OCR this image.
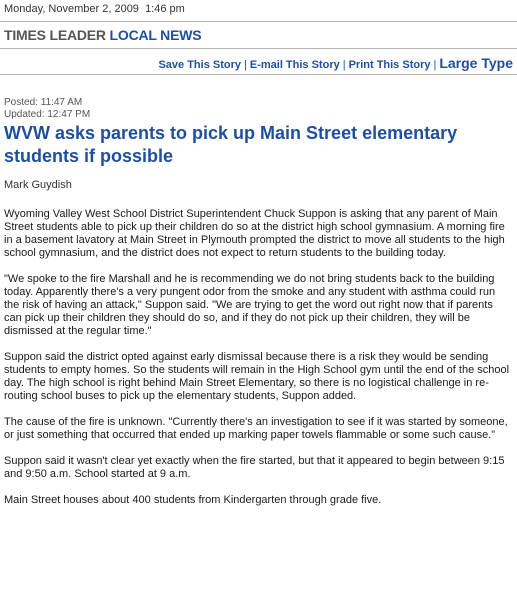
Monday, November 2, 2009 1:46 pm
TIMES LEADER LOCAL NEWS
Save This Story | E-mail This Story | Print This Story | Large Type
Posted: 11:47 AM
Updated: 12:47 PM
WVW asks parents to pick up Main Street elementary students if possible
Mark Guydish

Wyoming Valley West School District Superintendent Chuck Suppon is asking that any parent of Main Street students able to pick up their children do so at the district high school gymnasium. A morning fire in a basement lavatory at Main Street in Plymouth prompted the district to move all students to the high school gymnasium, and the district does not expect to return students to the building today.

"We spoke to the fire Marshall and he is recommending we do not bring students back to the building today. Apparently there's a very pungent odor from the smoke and any student with asthma could run the risk of having an attack," Suppon said. "We are trying to get the word out right now that if parents can pick up their children they should do so, and if they do not pick up their children, they will be dismissed at the regular time."

Suppon said the district opted against early dismissal because there is a risk they would be sending students to empty homes. So the students will remain in the High School gym until the end of the school day. The high school is right behind Main Street Elementary, so there is no logistical challenge in re-routing school buses to pick up the elementary students, Suppon added.

The cause of the fire is unknown. "Currently there's an investigation to see if it was started by someone, or just something that occurred that ended up marking paper towels flammable or some such cause."

Suppon said it wasn't clear yet exactly when the fire started, but that it appeared to begin between 9:15 and 9:50 a.m. School started at 9 a.m.

Main Street houses about 400 students from Kindergarten through grade five.
